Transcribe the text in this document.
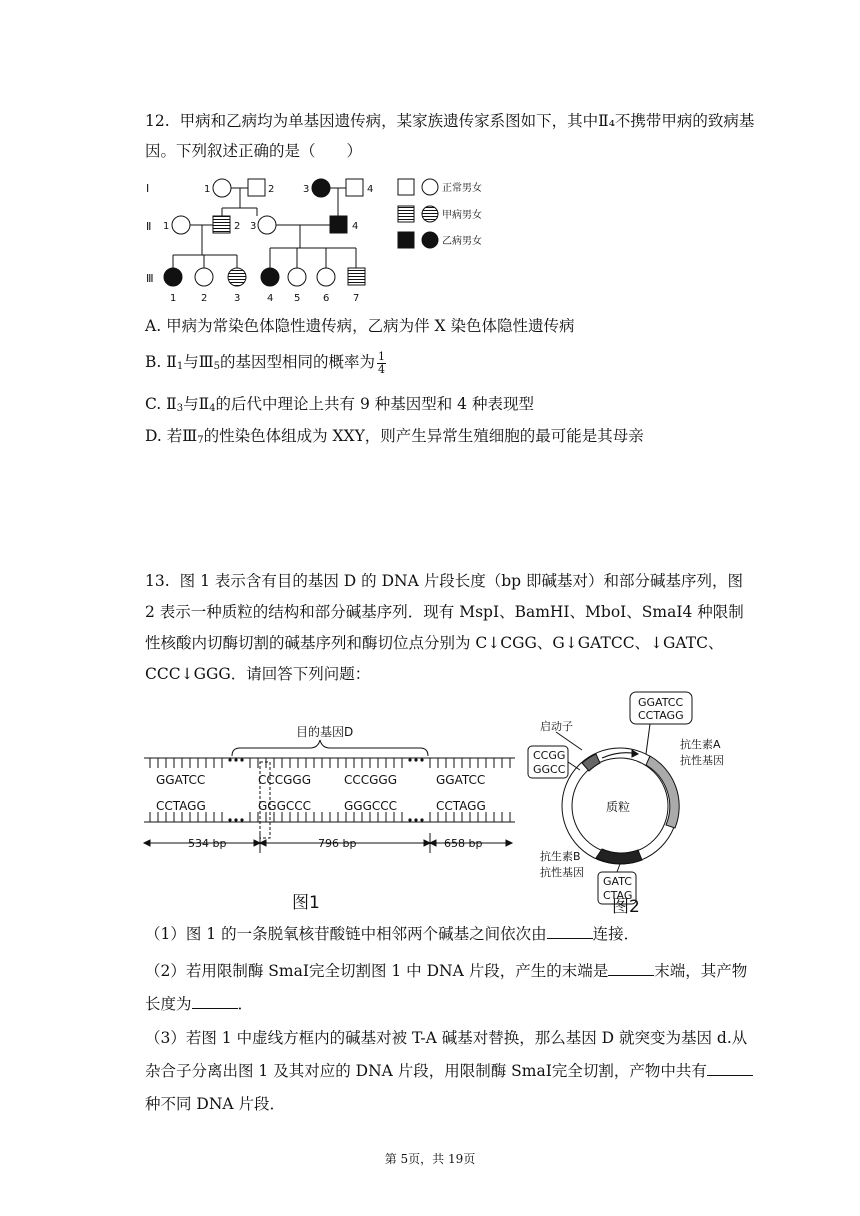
12. 甲病和乙病均为单基因遗传病，某家族遗传家系图如下，其中Ⅱ₄不携带甲病的致病基
因。下列叙述正确的是（　　）
Ⅰ
Ⅱ
Ⅲ
1	2	3	4
1	2 3	4
1 2	3	4 5 6 7
正常男女
甲病男女
乙病男女
A. 甲病为常染色体隐性遗传病，乙病为伴 X 染色体隐性遗传病
B. $Ⅱ_1$与$Ⅲ_5$的基因型相同的概率为 $\frac{1}{4}$
C. $Ⅱ_3$与$Ⅱ_4$的后代中理论上共有 9 种基因型和 4 种表现型
D. 若$Ⅲ_7$的性染色体组成为 XXY，则产生异常生殖细胞的最可能是其母亲
13. 图 1 表示含有目的基因 D 的 DNA 片段长度（bp 即碱基对）和部分碱基序列，图 2 表示一种质粒的结构和部分碱基序列．现有 MspI、BamHI、MboI、SmaI4 种限制性核酸内切酶切割的碱基序列和酶切位点分别为 C↓CGG、G↓GATCC、↓GATC、CCC↓GGG．请回答下列问题：
目的基因D
GGATCC	CCCGGG	CCCGGG	GGATCC
CCTAGG	GGGCCC	GGGCCC	CCTAGG
534 bp	796 bp	658 bp
图1
启动子
质粒
GGATCC
CCTAGG
CCGG
GGCC
GATC
CTAG
抗生素A
抗性基因
抗生素B
抗性基因
图2
（1）图 1 的一条脱氧核苷酸链中相邻两个碱基之间依次由	连接．
（2）若用限制酶 SmaI完全切割图 1 中 DNA 片段，产生的末端是	末端，其产物长度为	．
（3）若图 1 中虚线方框内的碱基对被 T-A 碱基对替换，那么基因 D 就突变为基因 d.从杂合子分离出图 1 及其对应的 DNA 片段，用限制酶 SmaI完全切割，产物中共有种不同 DNA 片段．
第 5页，共 19页
